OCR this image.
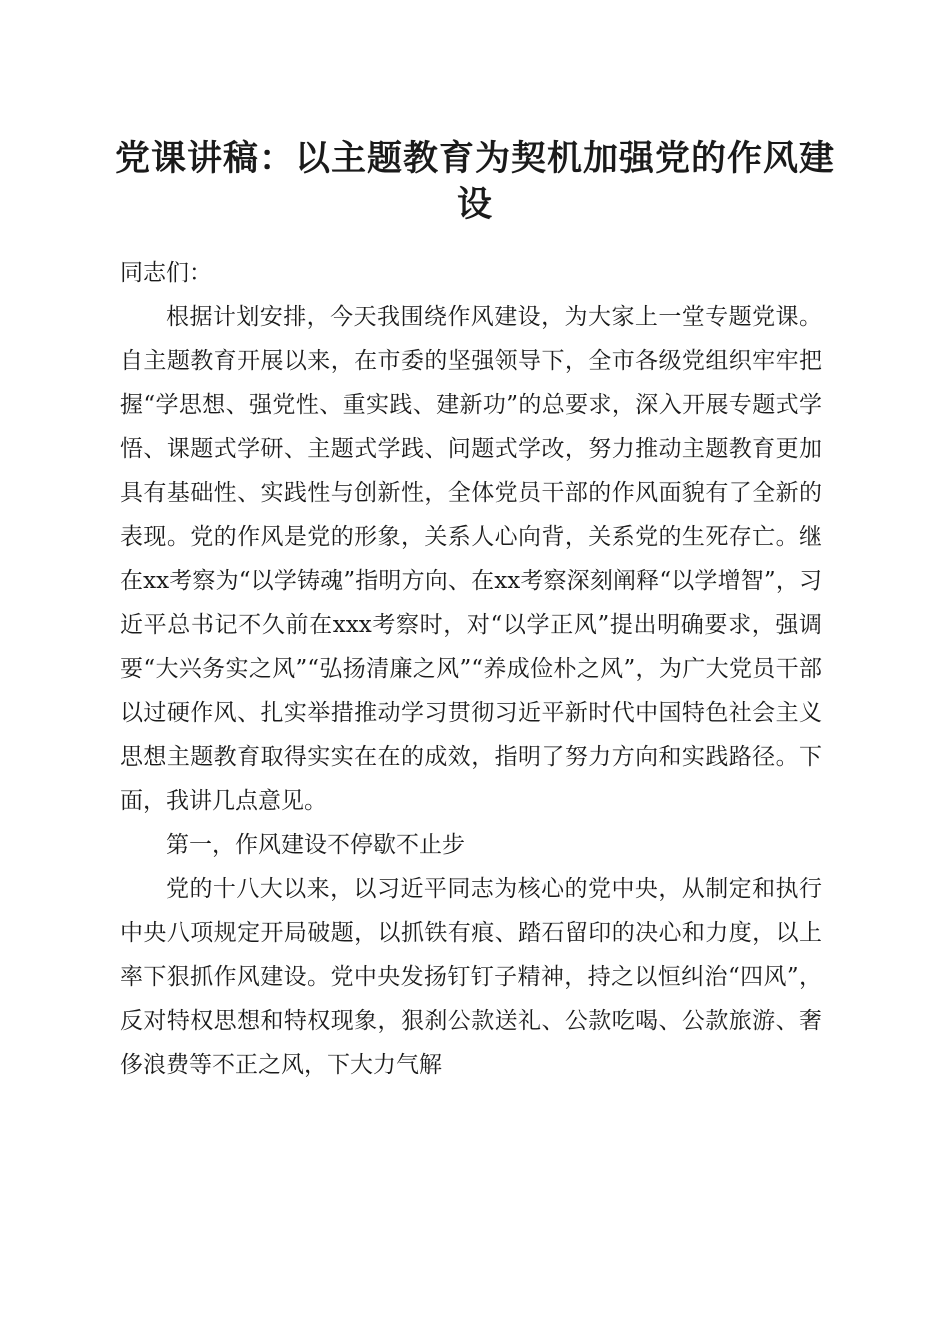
党课讲稿：以主题教育为契机加强党的作风建设

同志们：

根据计划安排，今天我围绕作风建设，为大家上一堂专题党课。自主题教育开展以来，在市委的坚强领导下，全市各级党组织牢牢把握“学思想、强党性、重实践、建新功”的总要求，深入开展专题式学悟、课题式学研、主题式学践、问题式学改，努力推动主题教育更加具有基础性、实践性与创新性，全体党员干部的作风面貌有了全新的表现。党的作风是党的形象，关系人心向背，关系党的生死存亡。继在xx考察为“以学铸魂”指明方向、在xx考察深刻阐释“以学增智”，习近平总书记不久前在xxx考察时，对“以学正风”提出明确要求，强调要“大兴务实之风”“弘扬清廉之风”“养成俭朴之风”，为广大党员干部以过硬作风、扎实举措推动学习贯彻习近平新时代中国特色社会主义思想主题教育取得实实在在的成效，指明了努力方向和实践路径。下面，我讲几点意见。

第一，作风建设不停歇不止步

党的十八大以来，以习近平同志为核心的党中央，从制定和执行中央八项规定开局破题，以抓铁有痕、踏石留印的决心和力度，以上率下狠抓作风建设。党中央发扬钉钉子精神，持之以恒纠治“四风”，反对特权思想和特权现象，狠刹公款送礼、公款吃喝、公款旅游、奢侈浪费等不正之风，下大力气解
